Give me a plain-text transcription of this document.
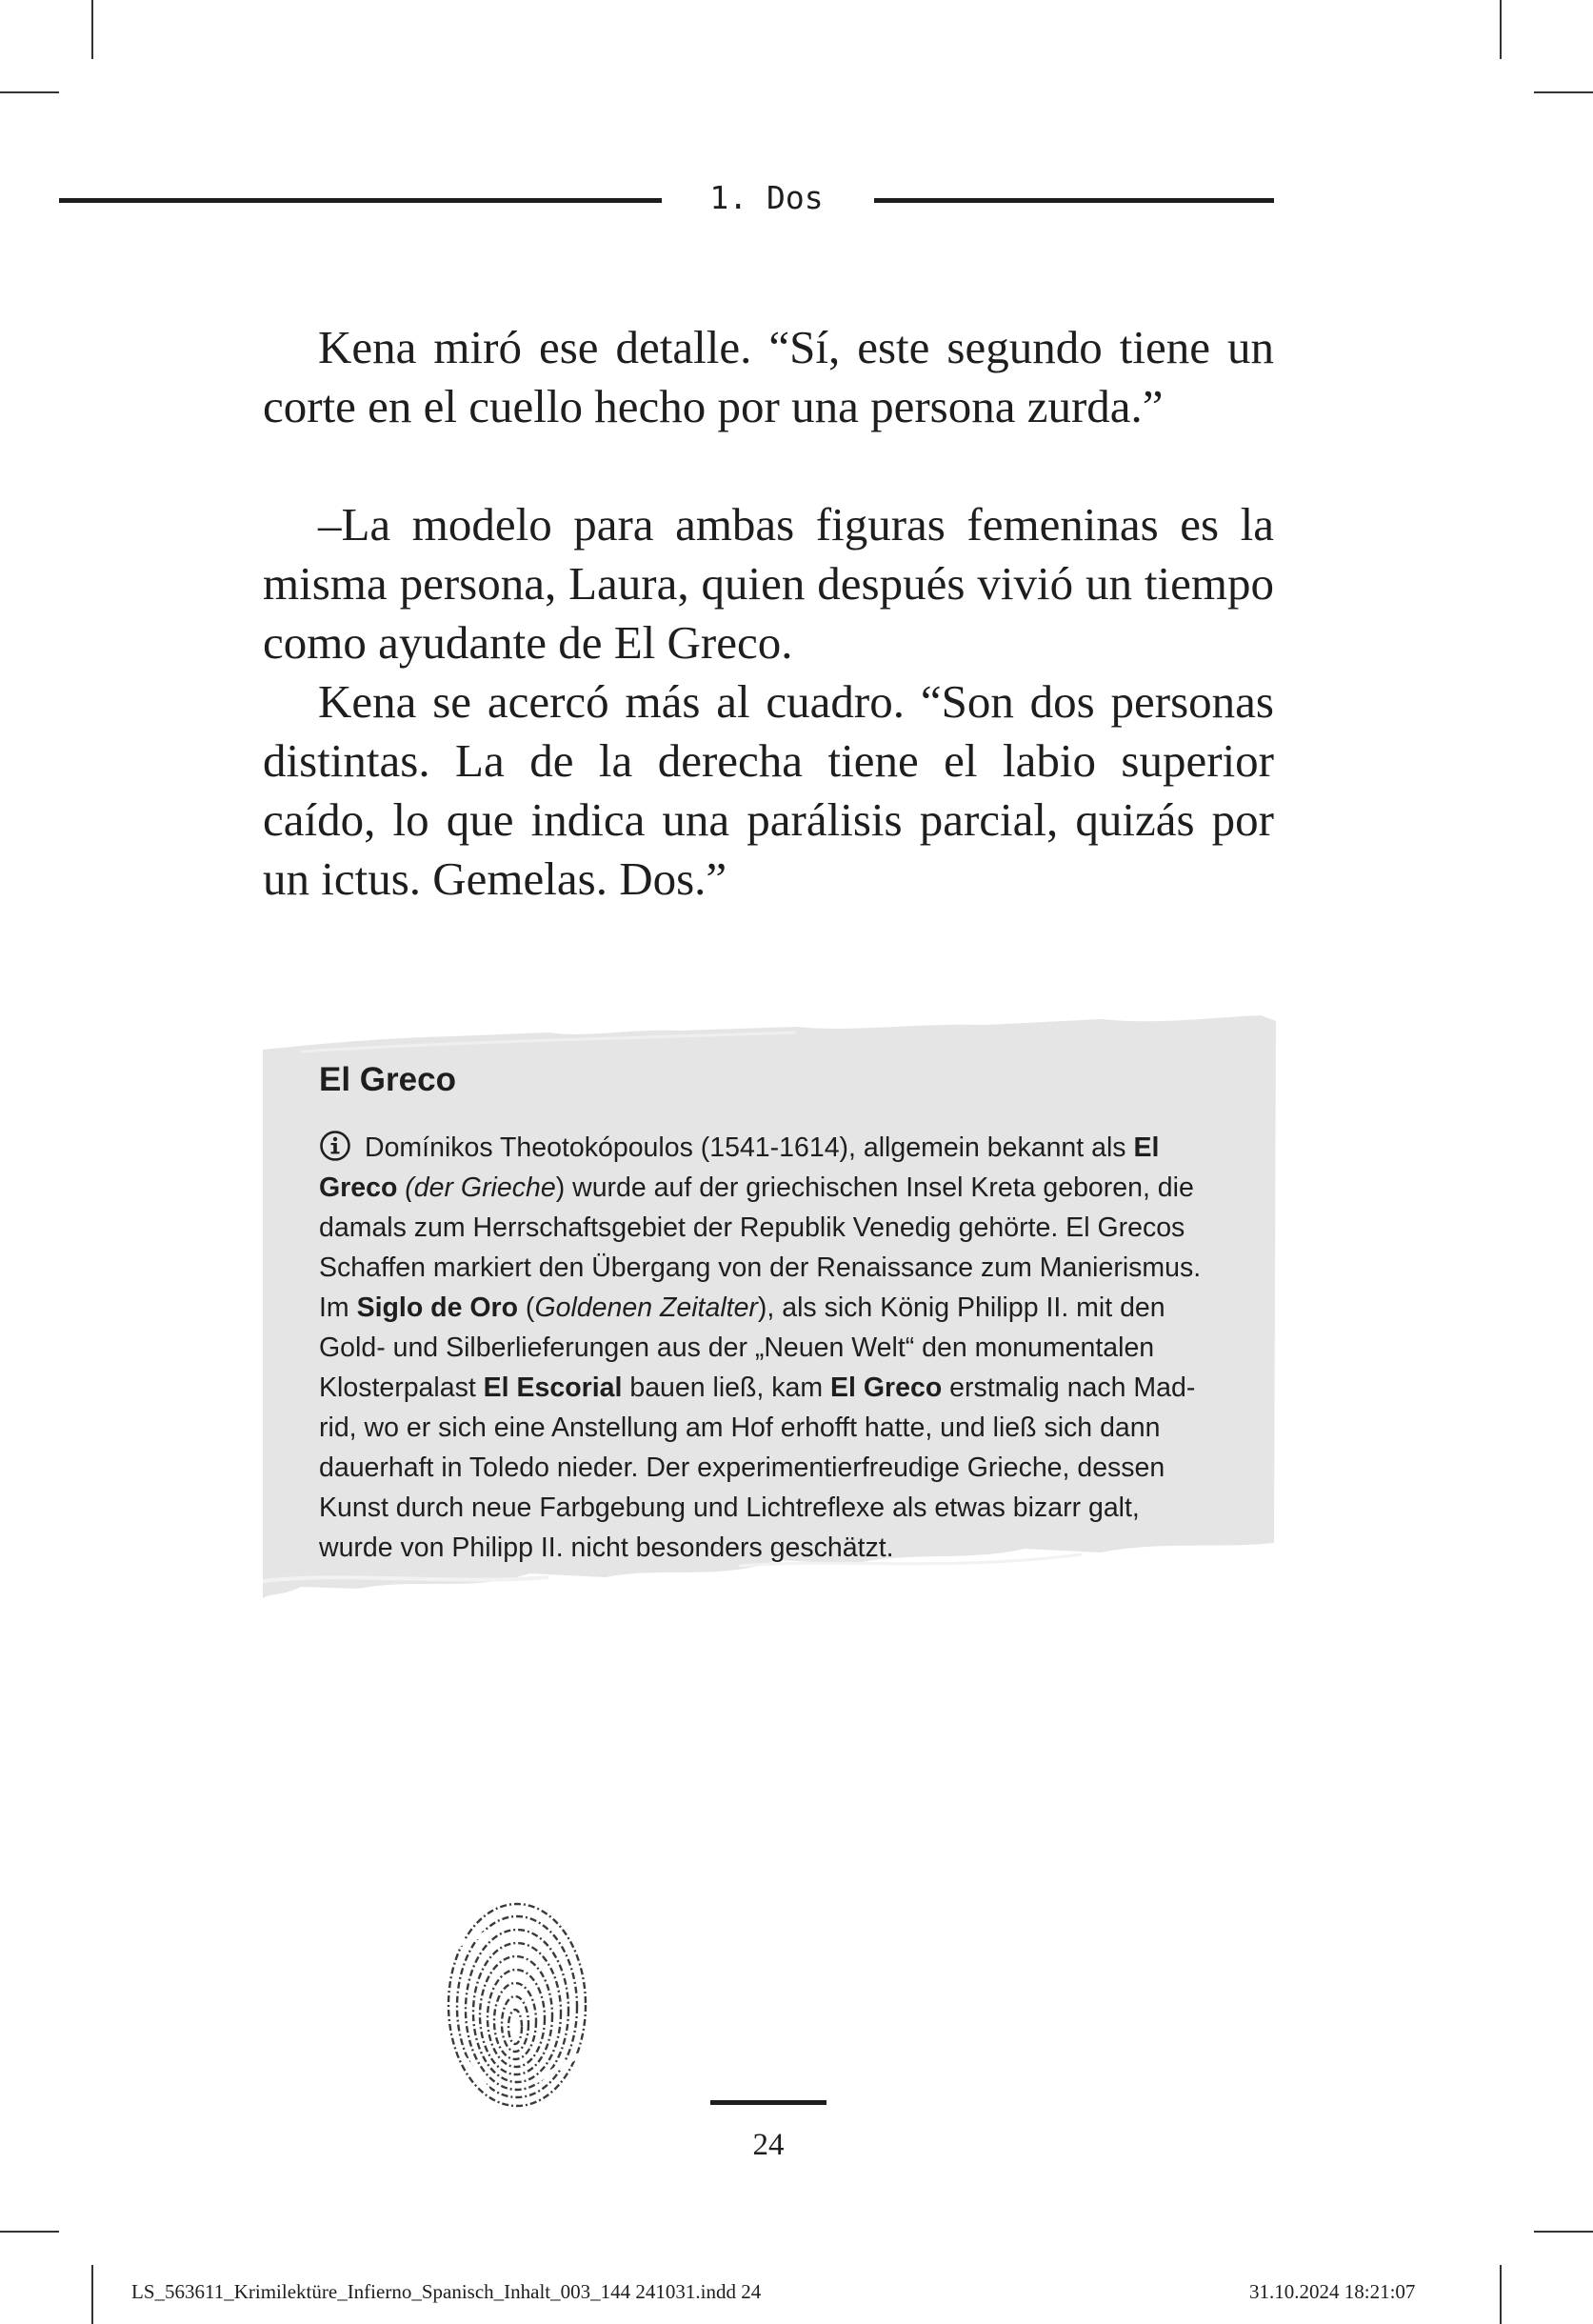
1. Dos

Kena miró ese detalle. “Sí, este segundo tiene un corte en el cuello hecho por una persona zurda.”

–La modelo para ambas figuras femeninas es la misma persona, Laura, quien después vivió un tiempo como ayudante de El Greco.

Kena se acercó más al cuadro. “Son dos personas distintas. La de la derecha tiene el labio superior caído, lo que indica una parálisis parcial, quizás por un ictus. Gemelas. Dos.”

El Greco
Domínikos Theotokópoulos (1541-1614), allgemein bekannt als El
Greco (der Grieche) wurde auf der griechischen Insel Kreta geboren, die
damals zum Herrschaftsgebiet der Republik Venedig gehörte. El Grecos
Schaffen markiert den Übergang von der Renaissance zum Manierismus.
Im Siglo de Oro (Goldenen Zeitalter), als sich König Philipp II. mit den
Gold- und Silberlieferungen aus der „Neuen Welt“ den monumentalen
Klosterpalast El Escorial bauen ließ, kam El Greco erstmalig nach Mad-
rid, wo er sich eine Anstellung am Hof erhofft hatte, und ließ sich dann
dauerhaft in Toledo nieder. Der experimentierfreudige Grieche, dessen
Kunst durch neue Farbgebung und Lichtreflexe als etwas bizarr galt,
wurde von Philipp II. nicht besonders geschätzt.
24
LS_563611_Krimilektüre_Infierno_Spanisch_Inhalt_003_144 241031.indd 24	31.10.2024 18:21:07
